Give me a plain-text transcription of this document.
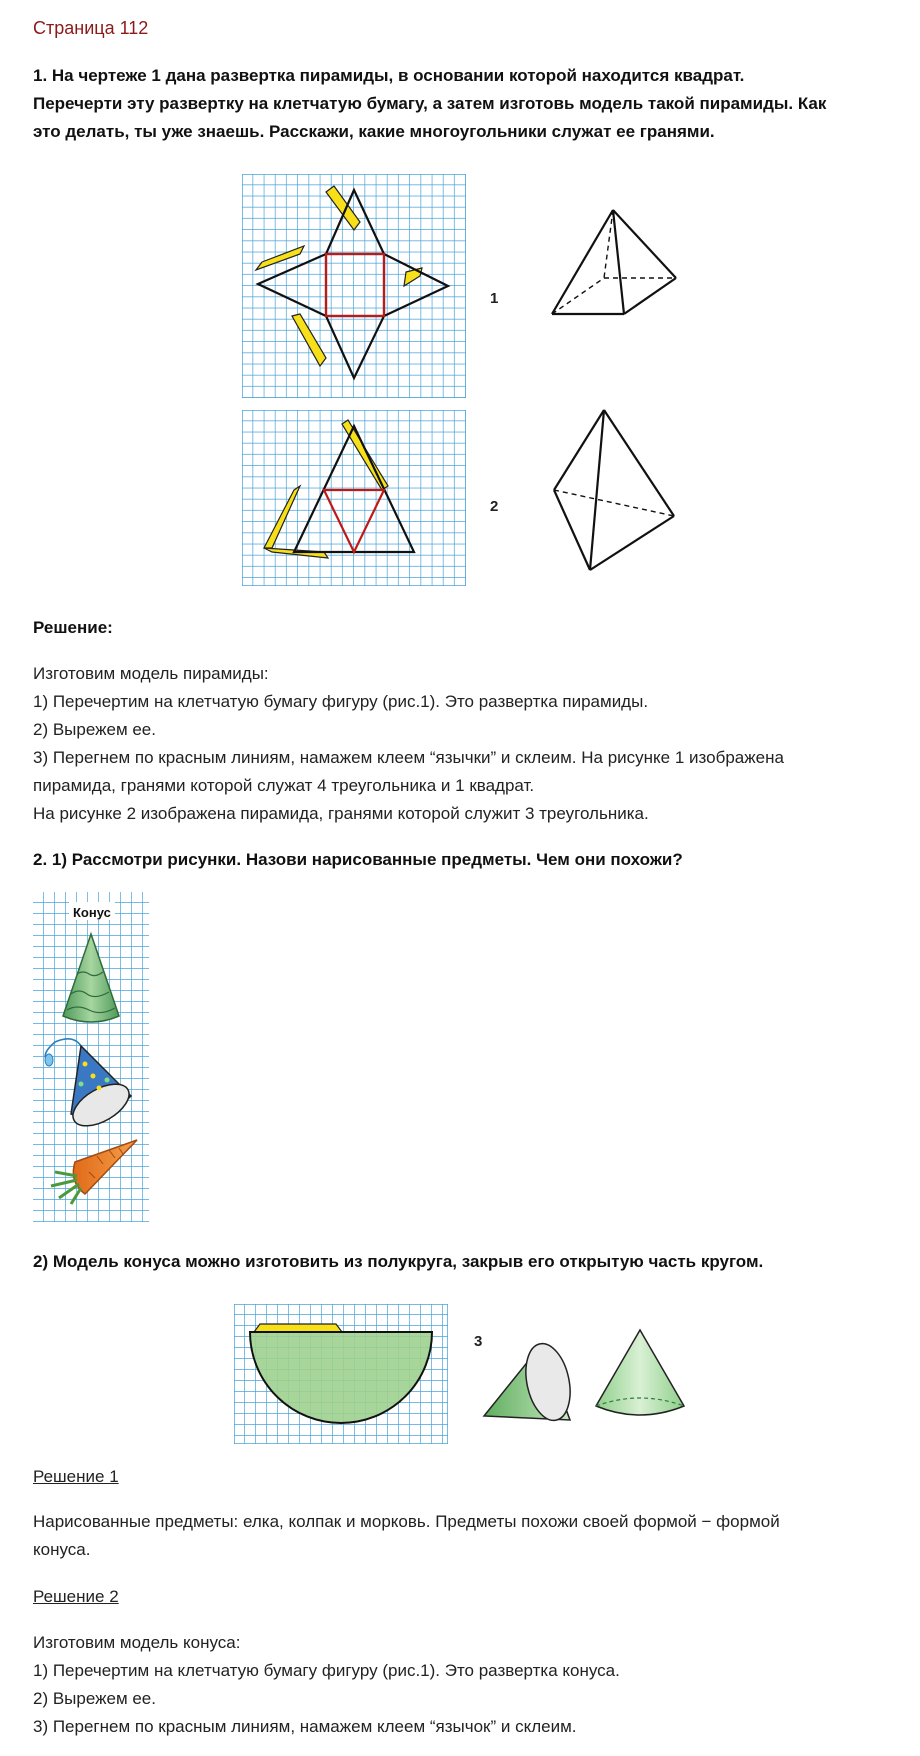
Страница 112
1. На чертеже 1 дана развертка пирамиды, в основании которой находится квадрат.
Перечерти эту развертку на клетчатую бумагу, а затем изготовь модель такой пирамиды. Как
это делать, ты уже знаешь. Расскажи, какие многоугольники служат ее гранями.
1
2
Решение:
Изготовим модель пирамиды:
1) Перечертим на клетчатую бумагу фигуру (рис.1). Это развертка пирамиды.
2) Вырежем ее.
3) Перегнем по красным линиям, намажем клеем “язычки” и склеим. На рисунке 1 изображена
пирамида, гранями которой служат 4 треугольника и 1 квадрат.
На рисунке 2 изображена пирамида, гранями которой служит 3 треугольника.
2. 1) Рассмотри рисунки. Назови нарисованные предметы. Чем они похожи?
Конус
2) Модель конуса можно изготовить из полукруга, закрыв его открытую часть кругом.
3
Решение 1
Нарисованные предметы: елка, колпак и морковь. Предметы похожи своей формой − формой
конуса.
Решение 2
Изготовим модель конуса:
1) Перечертим на клетчатую бумагу фигуру (рис.1). Это развертка конуса.
2) Вырежем ее.
3) Перегнем по красным линиям, намажем клеем “язычок” и склеим.
